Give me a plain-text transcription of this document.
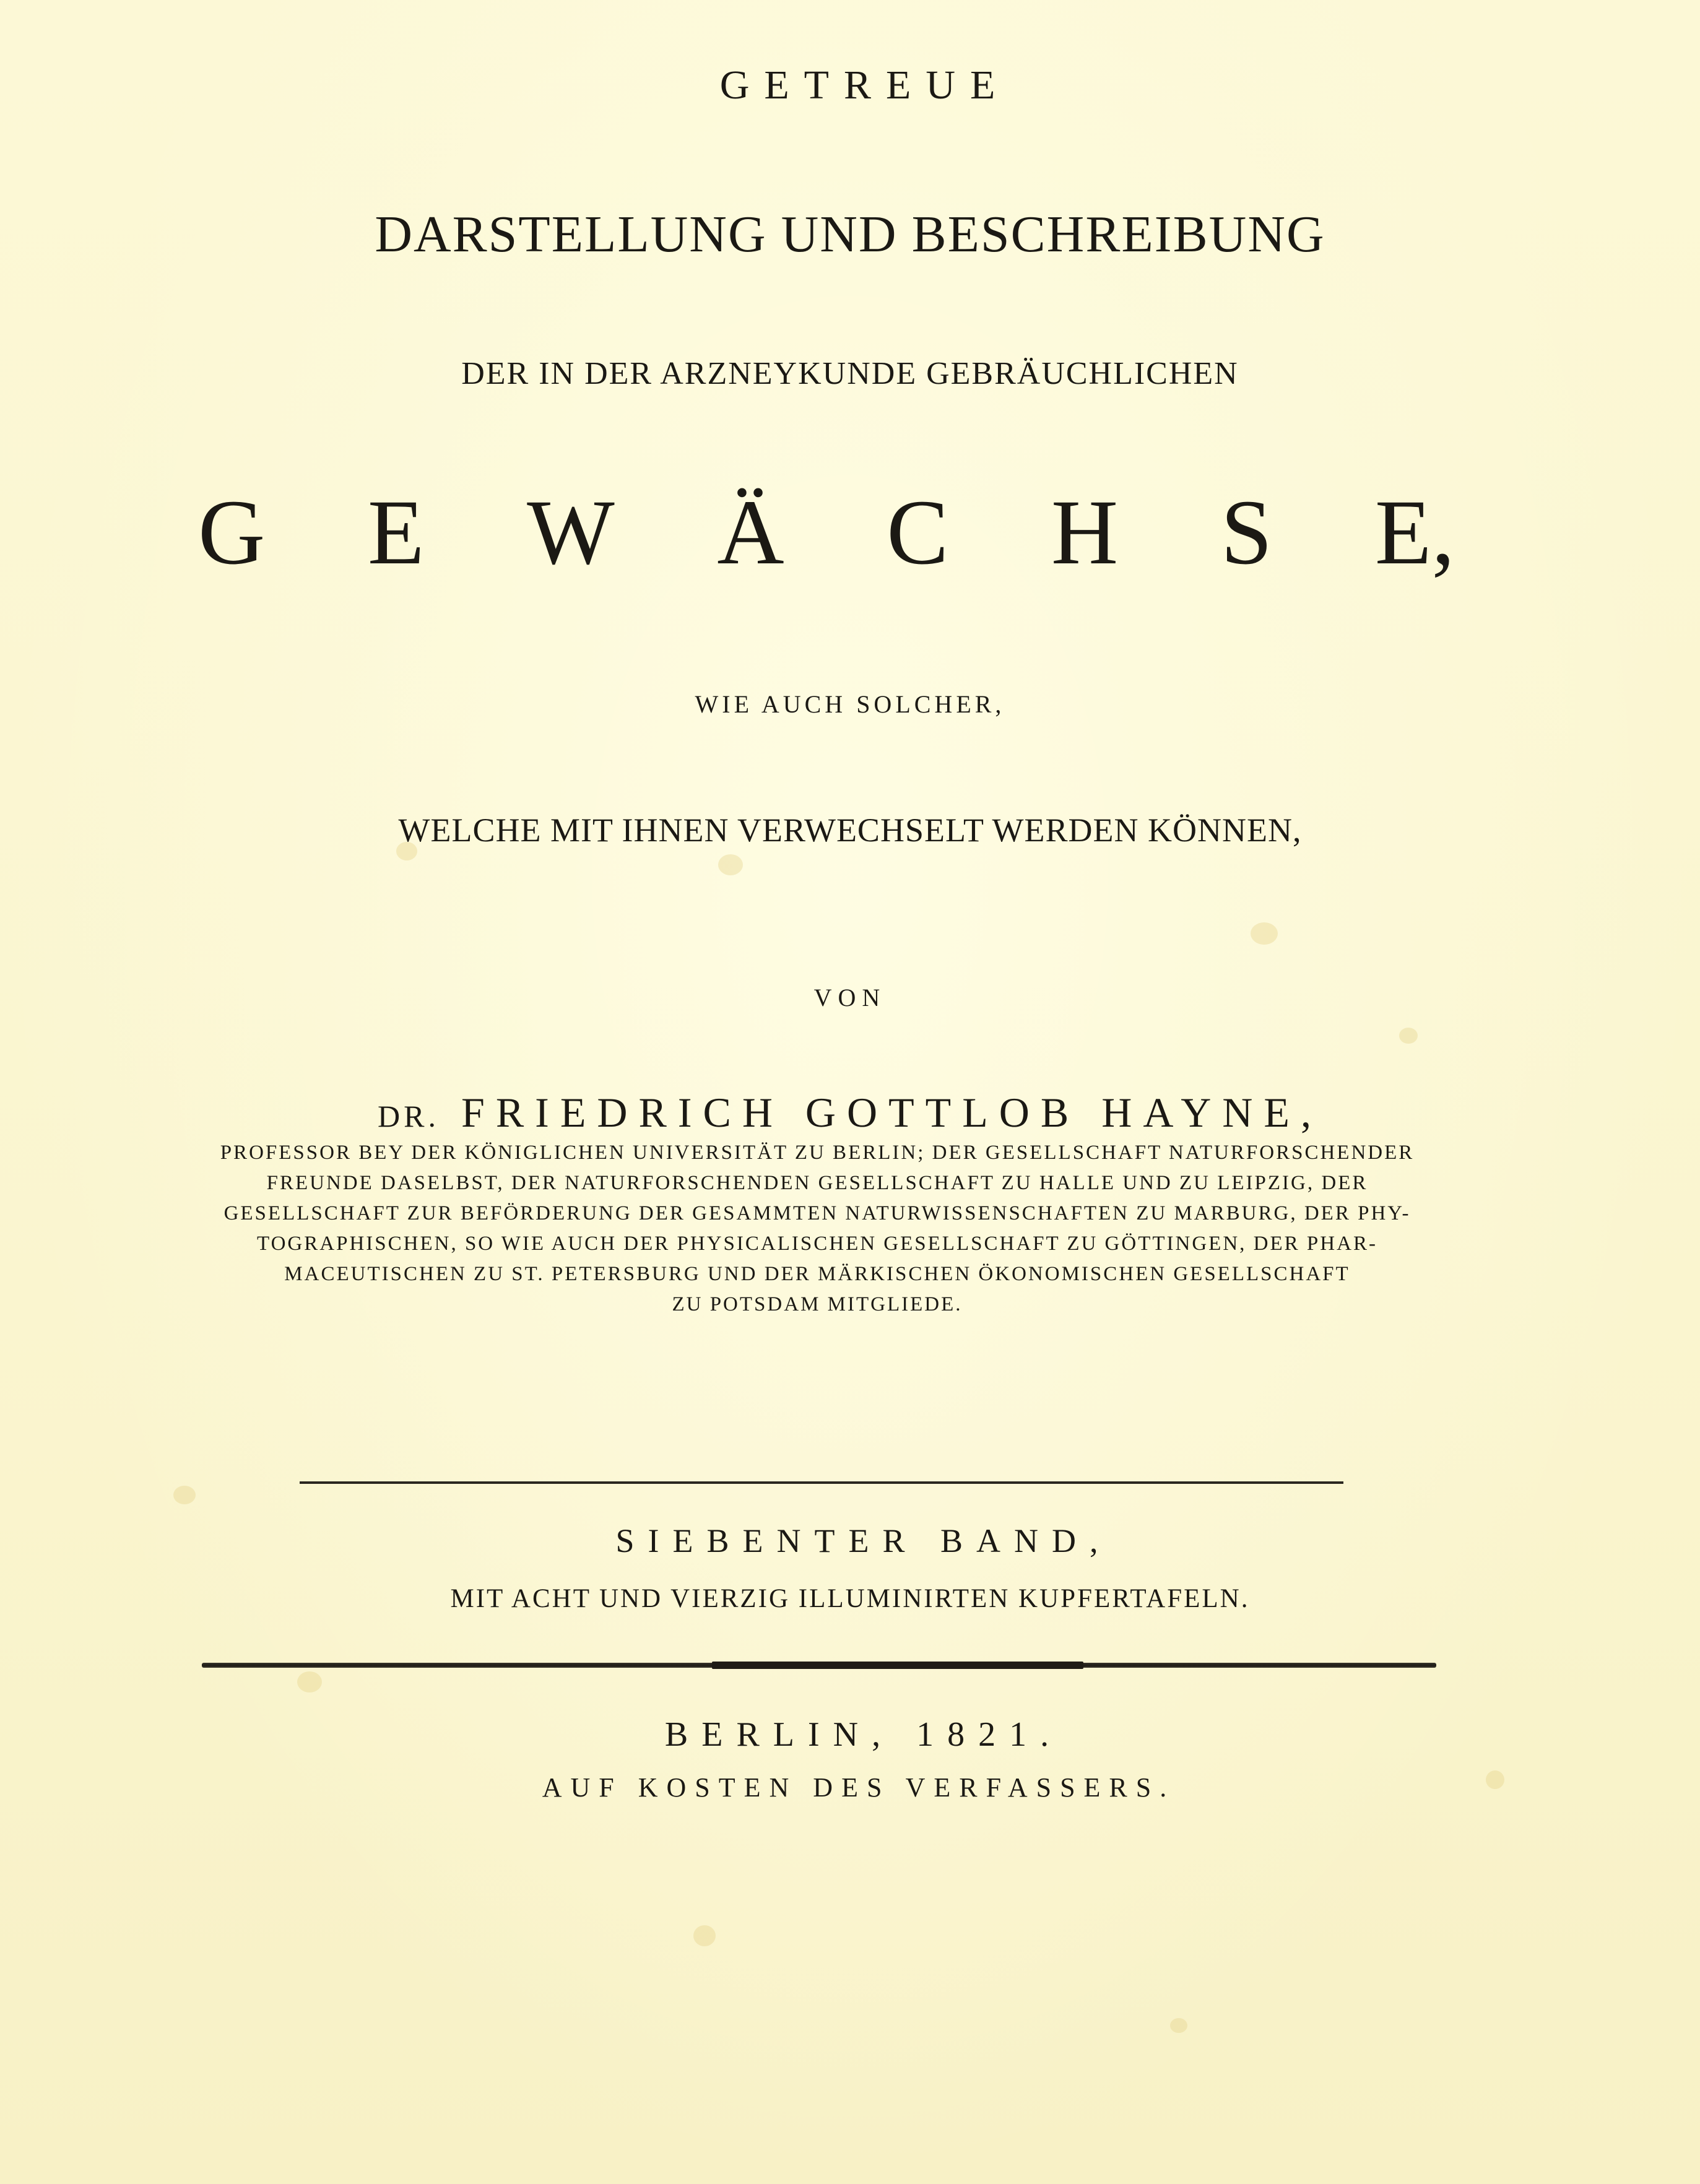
GETREUE
DARSTELLUNG UND BESCHREIBUNG
DER IN DER ARZNEYKUNDE GEBRÄUCHLICHEN
G E W Ä C H S E,
WIE AUCH SOLCHER,
WELCHE MIT IHNEN VERWECHSELT WERDEN KÖNNEN,
VON
DR. FRIEDRICH GOTTLOB HAYNE,
PROFESSOR BEY DER KÖNIGLICHEN UNIVERSITÄT ZU BERLIN; DER GESELLSCHAFT NATURFORSCHENDER
FREUNDE DASELBST, DER NATURFORSCHENDEN GESELLSCHAFT ZU HALLE UND ZU LEIPZIG, DER
GESELLSCHAFT ZUR BEFÖRDERUNG DER GESAMMTEN NATURWISSENSCHAFTEN ZU MARBURG, DER PHY-
TOGRAPHISCHEN, SO WIE AUCH DER PHYSICALISCHEN GESELLSCHAFT ZU GÖTTINGEN, DER PHAR-
MACEUTISCHEN ZU ST. PETERSBURG UND DER MÄRKISCHEN ÖKONOMISCHEN GESELLSCHAFT
ZU POTSDAM MITGLIEDE.
SIEBENTER BAND,
MIT ACHT UND VIERZIG ILLUMINIRTEN KUPFERTAFELN.
BERLIN, 1821.
AUF KOSTEN DES VERFASSERS.
